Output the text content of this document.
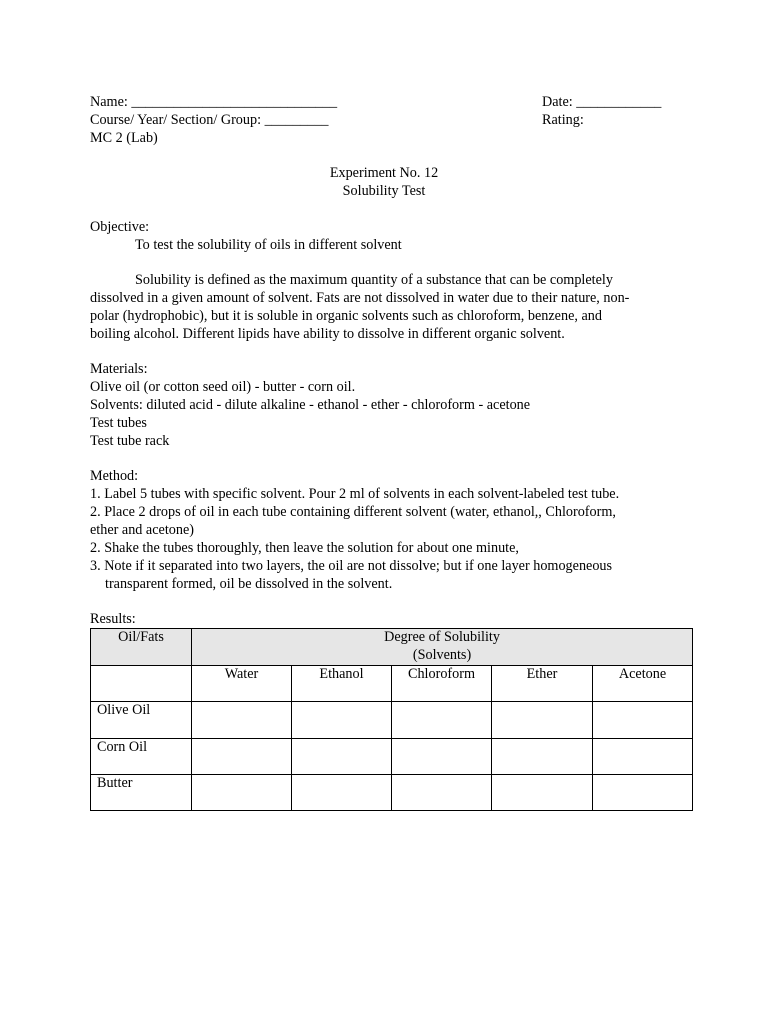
Name: _____________________________	Date: ____________
Course/ Year/ Section/ Group: _________	Rating:
MC 2 (Lab)
Experiment No. 12
Solubility Test
Objective:
To test the solubility of oils in different solvent
Solubility is defined as the maximum quantity of a substance that can be completely
dissolved in a given amount of solvent. Fats are not dissolved in water due to their nature, non-
polar (hydrophobic), but it is soluble in organic solvents such as chloroform, benzene, and
boiling alcohol. Different lipids have ability to dissolve in different organic solvent.
Materials:
Olive oil (or cotton seed oil) - butter - corn oil.
Solvents: diluted acid - dilute alkaline - ethanol - ether - chloroform - acetone
Test tubes
Test tube rack
Method:
1. Label 5 tubes with specific solvent. Pour 2 ml of solvents in each solvent-labeled test tube.
2. Place 2 drops of oil in each tube containing different solvent (water, ethanol,, Chloroform,
ether and acetone)
2. Shake the tubes thoroughly, then leave the solution for about one minute,
3. Note if it separated into two layers, the oil are not dissolve; but if one layer homogeneous
transparent formed, oil be dissolved in the solvent.
Results:
Oil/Fats	Degree of Solubility
(Solvents)				

	Water	Ethanol	Chloroform	Ether	Acetone
Olive Oil					
Corn Oil					
Butter					
